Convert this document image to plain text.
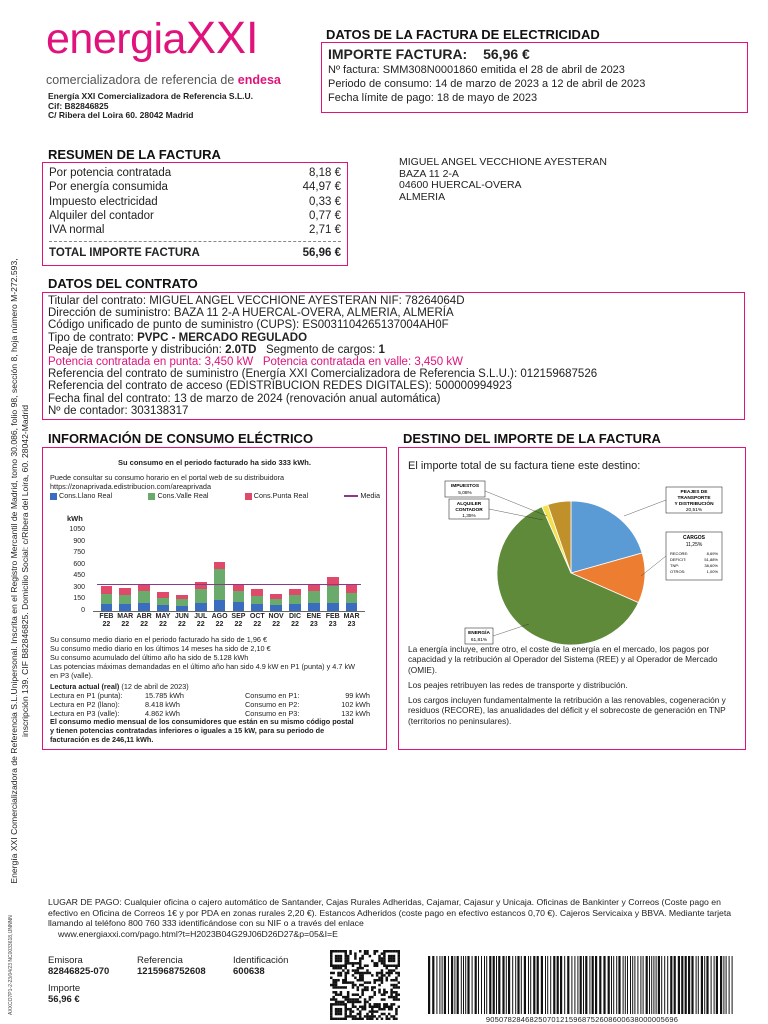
Energía XXI Comercializadora de Referencia S.L.Unipersonal. Inscrita en el Registro Mercantil de Madrid, tomo 30.086, folio 98, sección 8, hoja número M-272.593, inscripción 139. CIF B82846825. Domicilio Social: c/Ribera del Loira, 60. 28042-Madrid
AXXCO7P1-2-23/04/23 NC0033618,IJNNNN
energiaXXI
comercializadora de referencia de endesa
Energía XXI Comercializadora de Referencia S.L.U.
Cif: B82846825
C/ Ribera del Loira 60. 28042 Madrid
DATOS DE LA FACTURA DE ELECTRICIDAD
IMPORTE FACTURA: 56,96 €
Nº factura: SMM308N0001860 emitida el 28 de abril de 2023
Periodo de consumo: 14 de marzo de 2023 a 12 de abril de 2023
Fecha límite de pago: 18 de mayo de 2023
RESUMEN DE LA FACTURA
Por potencia contratada	8,18 €
Por energía consumida	44,97 €
Impuesto electricidad	0,33 €
Alquiler del contador	0,77 €
IVA normal	2,71 €
TOTAL IMPORTE FACTURA	56,96 €
MIGUEL ANGEL VECCHIONE AYESTERAN
BAZA 11 2-A
04600 HUERCAL-OVERA
ALMERIA
DATOS DEL CONTRATO
Titular del contrato: MIGUEL ANGEL VECCHIONE AYESTERAN NIF: 78264064D
Dirección de suministro: BAZA 11 2-A HUERCAL-OVERA, ALMERIA, ALMERÍA
Código unificado de punto de suministro (CUPS): ES0031104265137004AH0F
Tipo de contrato: PVPC - MERCADO REGULADO
Peaje de transporte y distribución: 2.0TD   Segmento de cargos: 1
Potencia contratada en punta: 3,450 kW Potencia contratada en valle: 3,450 kW
Referencia del contrato de suministro (Energía XXI Comercializadora de Referencia S.L.U.): 012159687526
Referencia del contrato de acceso (EDISTRIBUCION REDES DIGITALES): 500000994923
Fecha final del contrato: 13 de marzo de 2024 (renovación anual automática)
Nº de contador: 303138317
INFORMACIÓN DE CONSUMO ELÉCTRICO
Su consumo en el periodo facturado ha sido 333 kWh.
Puede consultar su consumo horario en el portal web de su distribuidora
https://zonaprivada.edistribucion.com/areaprivada
Cons.Llano Real	Cons.Valle Real	Cons.Punta Real	Media
kWh
0
150
300
450
600
750
900
1050
FEB
22
MAR
22
ABR
22
MAY
22
JUN
22
JUL
22
AGO
22
SEP
22
OCT
22
NOV
22
DIC
22
ENE
23
FEB
23
MAR
23
Su consumo medio diario en el periodo facturado ha sido de 1,96 €
Su consumo medio diario en los últimos 14 meses ha sido de 2,10 €
Su consumo acumulado del último año ha sido de 5.128 kWh
Las potencias máximas demandadas en el último año han sido 4.9 kW en P1 (punta) y 4.7 kW
en P3 (valle).
Lectura actual (real) (12 de abril de 2023)
Lectura en P1 (punta):	15.785 kWh	Consumo en P1:	99 kWh
Lectura en P2 (llano):	8.418 kWh	Consumo en P2:	102 kWh
Lectura en P3 (valle):	4.862 kWh	Consumo en P3:	132 kWh
El consumo medio mensual de los consumidores que están en su mismo código postal
y tienen potencias contratadas inferiores o iguales a 15 kW, para su periodo de
facturación es de 246,11 kWh.
DESTINO DEL IMPORTE DE LA FACTURA
El importe total de su factura tiene este destino:
IMPUESTOS
5,08%
ALQUILER
CONTADOR
1,35%
PEAJES DE
TRANSPORTE
Y DISTRIBUCIÓN
20,51%
CARGOS
11,25%
RECORE:	8,69%
DEFICIT:	51,88%
TNP:	38,60%
OTROS:	1,00%
ENERGÍA
61,81%
La energía incluye, entre otro, el coste de la energía en el mercado, los pagos por capacidad y la retribución al Operador del Sistema (REE) y al Operador de Mercado (OMIE).
Los peajes retribuyen las redes de transporte y distribución.
Los cargos incluyen fundamentalmente la retribución a las renovables, cogeneración y residuos (RECORE), las anualidades del déficit y el sobrecoste de generación en TNP (territorios no peninsulares).
LUGAR DE PAGO: Cualquier oficina o cajero automático de Santander, Cajas Rurales Adheridas, Cajamar, Cajasur y Unicaja. Oficinas de Bankinter y Correos (Coste pago en efectivo en Oficina de Correos 1€ y por PDA en zonas rurales 2,20 €). Estancos Adheridos (coste pago en efectivo estancos 0,70 €). Cajeros Servicaixa y BBVA. Mediante tarjeta llamando al teléfono 800 760 333 identificándose con su NIF o a través del enlace
www.energiaxxi.com/pago.html?t=H2023B04G29J06D26D27&p=05&I=E
Emisora
82846825-070
Referencia
1215968752608
Identificación
600638
Importe
56,96 €
90507828468250701215968752608600638000005696
